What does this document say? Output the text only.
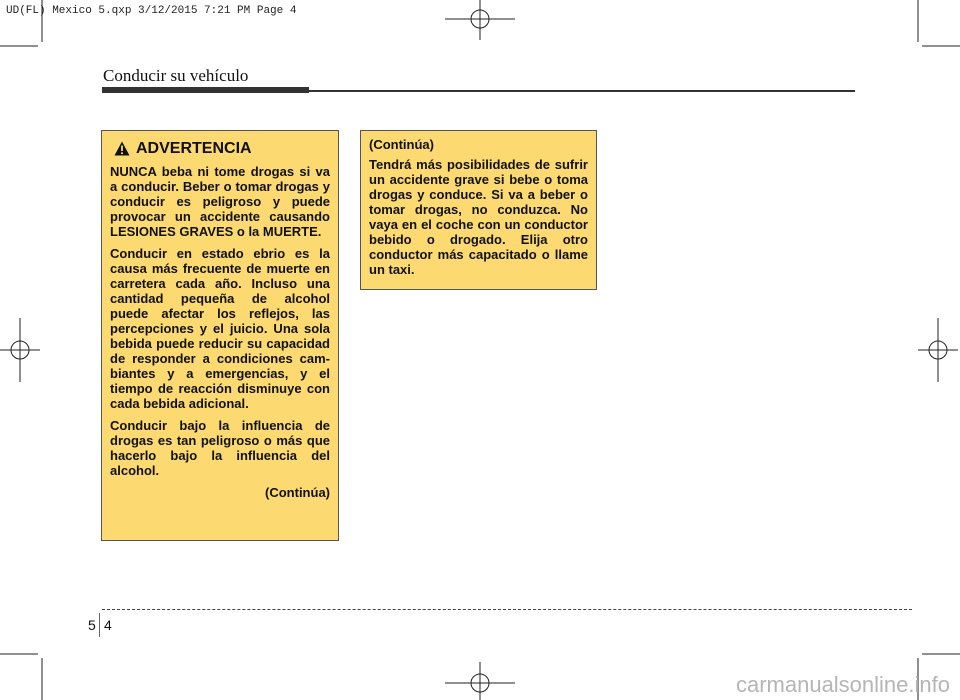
UD(FL) Mexico 5.qxp 3/12/2015 7:21 PM Page 4
Conducir su vehículo
ADVERTENCIA

NUNCA beba ni tome drogas si va a conducir. Beber o tomar drogas y conducir es peligroso y puede provocar un accidente causando LESIONES GRAVES o la MUERTE.

Conducir en estado ebrio es la causa más frecuente de muerte en carretera cada año. Incluso una cantidad pequeña de alcohol puede afectar los reflejos, las percepciones y el juicio. Una sola bebida puede reducir su capacidad de responder a condiciones cam-biantes y a emergencias, y el tiempo de reacción disminuye con cada bebida adicional.

Conducir bajo la influencia de drogas es tan peligroso o más que hacerlo bajo la influencia del alcohol.

(Continúa)

(Continúa)

Tendrá más posibilidades de sufrir un accidente grave si bebe o toma drogas y conduce. Si va a beber o tomar drogas, no conduzca. No vaya en el coche con un conductor bebido o drogado. Elija otro conductor más capacitado o llame un taxi.

5 4
carmanualsonline.info
